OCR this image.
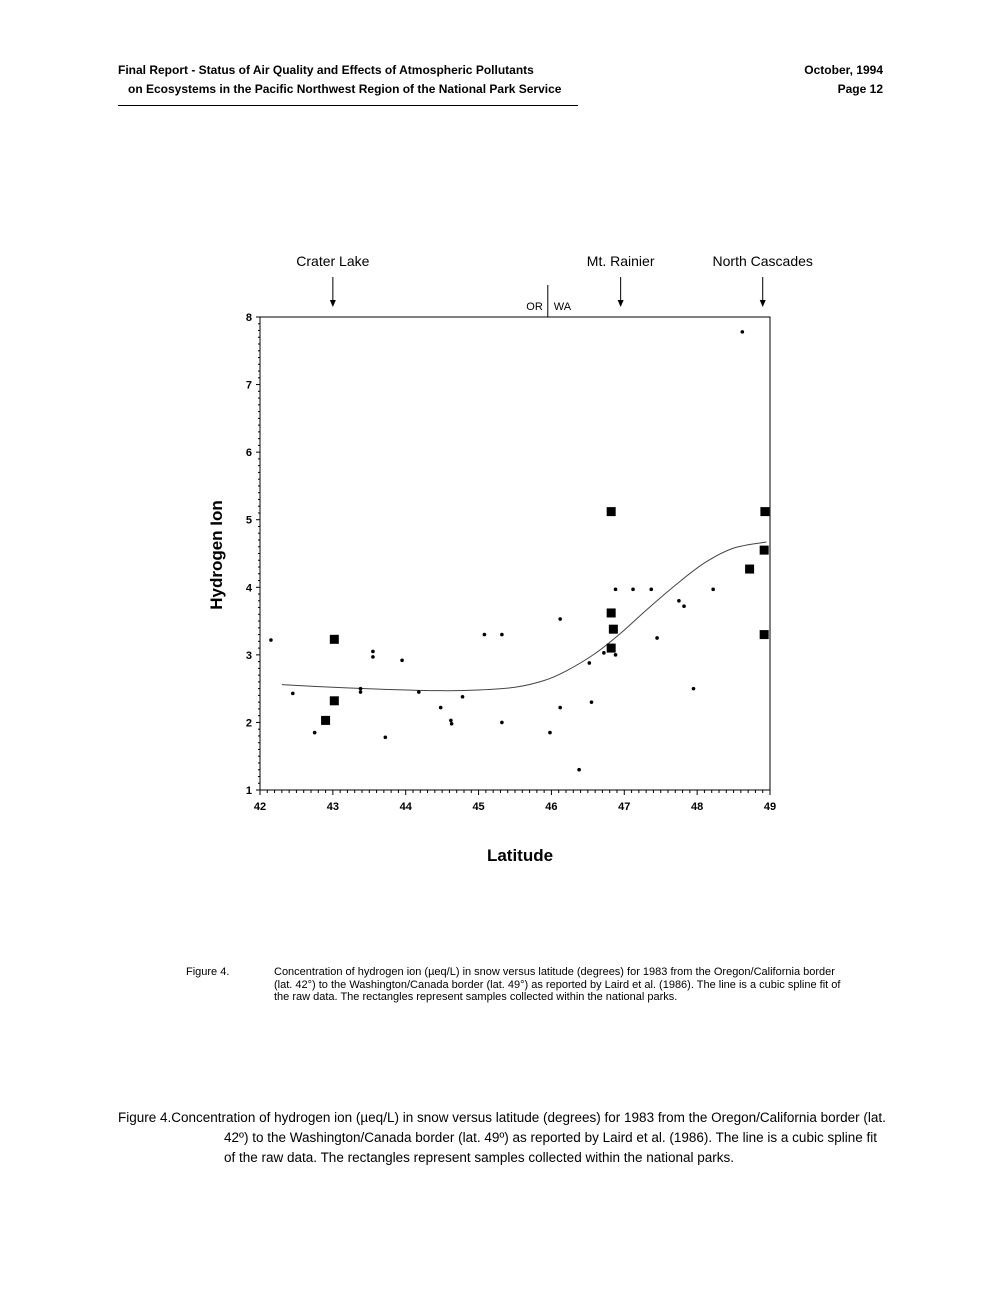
Final Report - Status of Air Quality and Effects of Atmospheric Pollutants
on Ecosystems in the Pacific Northwest Region of the National Park Service
October, 1994
Page 12
Crater Lake	Mt. Rainier	North Cascades
OR WA
1
2
3
4
5
6
7
8
42	43	44	45	46	47	48	49
Hydrogen Ion
Latitude
Figure 4.	Concentration of hydrogen ion (µeq/L) in snow versus latitude (degrees) for 1983 from the Oregon/California border (lat. 42°) to the Washington/Canada border (lat. 49°) as reported by Laird et al. (1986). The line is a cubic spline fit of the raw data. The rectangles represent samples collected within the national parks.
Figure 4.Concentration of hydrogen ion (µeq/L) in snow versus latitude (degrees) for 1983 from the Oregon/California border (lat. 42º) to the Washington/Canada border (lat. 49º) as reported by Laird et al. (1986). The line is a cubic spline fit of the raw data. The rectangles represent samples collected within the national parks.
